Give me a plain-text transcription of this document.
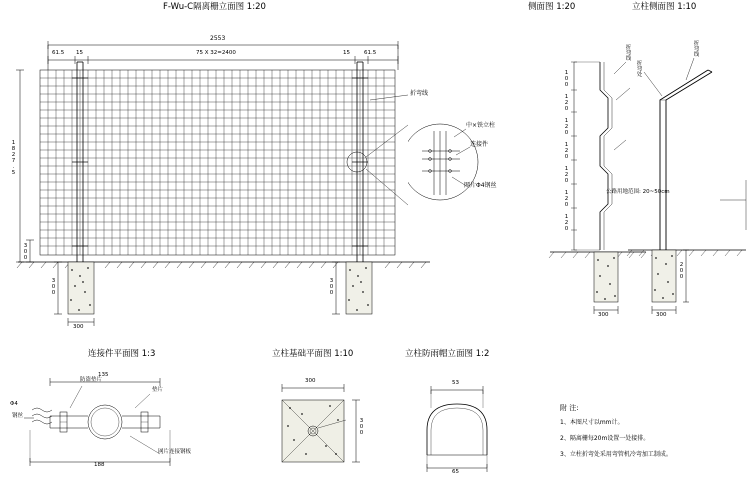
F-Wu-C隔离栅立面图 1:20
2553
75 X 32=2400
61.5 15	15	61.5
1827.5
300
300	300
300
折弯线
中×铁立柱
连接件
网片Φ4钢丝
侧面图 1:20
100
120
120
120
120
120
120
折弯线
折弯处
300
立柱侧面图 1:10
折弯线
200
300
公路用地范围: 20~50cm
连接件平面图 1:3
135
188
Φ4
钢丝
防盗垫片
垫片
网片连接钢板
立柱基础平面图 1:10
300
300
立柱防雨帽立面图 1:2
53
65
附 注:
1、本图尺寸以mm计。
2、隔离栅每20m设置一处接排。
3、立柱折弯处采用弯管机冷弯加工制成。
